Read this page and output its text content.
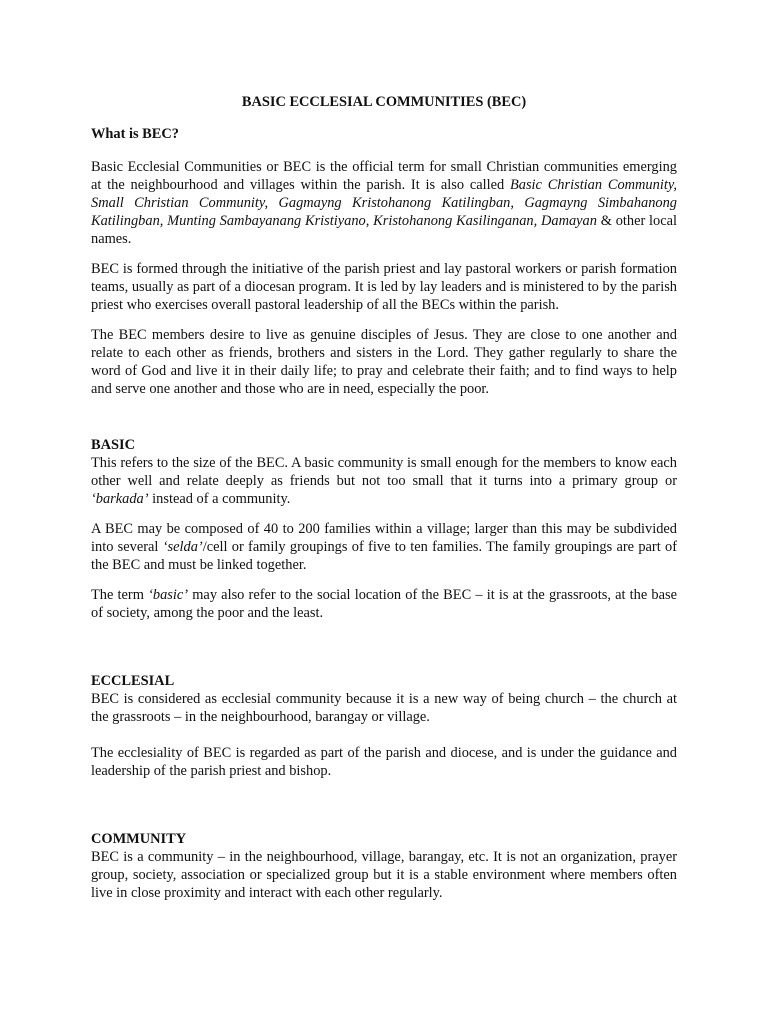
BASIC ECCLESIAL COMMUNITIES (BEC)
What is BEC?

Basic Ecclesial Communities or BEC is the official term for small Christian communities emerging at the neighbourhood and villages within the parish. It is also called Basic Christian Community, Small Christian Community, Gagmayng Kristohanong Katilingban, Gagmayng Simbahanong Katilingban, Munting Sambayanang Kristiyano, Kristohanong Kasilinganan, Damayan & other local names.

BEC is formed through the initiative of the parish priest and lay pastoral workers or parish formation teams, usually as part of a diocesan program. It is led by lay leaders and is ministered to by the parish priest who exercises overall pastoral leadership of all the BECs within the parish.

The BEC members desire to live as genuine disciples of Jesus. They are close to one another and relate to each other as friends, brothers and sisters in the Lord. They gather regularly to share the word of God and live it in their daily life; to pray and celebrate their faith; and to find ways to help and serve one another and those who are in need, especially the poor.

BASIC

This refers to the size of the BEC. A basic community is small enough for the members to know each other well and relate deeply as friends but not too small that it turns into a primary group or ‘barkada’ instead of a community.

A BEC may be composed of 40 to 200 families within a village; larger than this may be subdivided into several ‘selda’/cell or family groupings of five to ten families. The family groupings are part of the BEC and must be linked together.

The term ‘basic’ may also refer to the social location of the BEC – it is at the grassroots, at the base of society, among the poor and the least.

ECCLESIAL

BEC is considered as ecclesial community because it is a new way of being church – the church at the grassroots – in the neighbourhood, barangay or village.

The ecclesiality of BEC is regarded as part of the parish and diocese, and is under the guidance and leadership of the parish priest and bishop.

COMMUNITY

BEC is a community – in the neighbourhood, village, barangay, etc. It is not an organization, prayer group, society, association or specialized group but it is a stable environment where members often live in close proximity and interact with each other regularly.
